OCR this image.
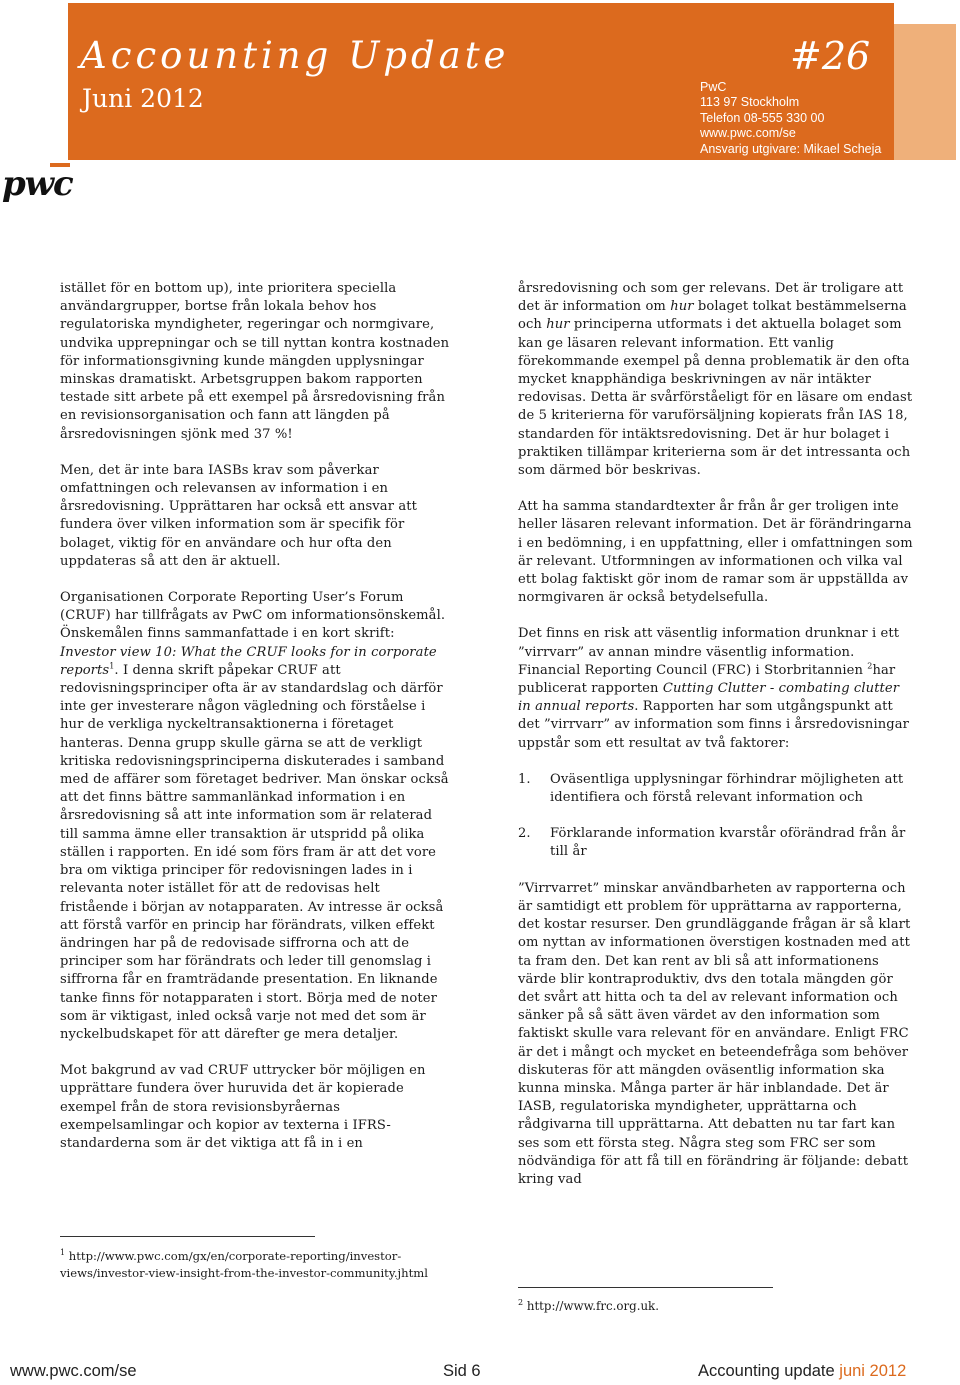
Accounting Update	#26
Juni 2012	PwC
113 97 Stockholm
Telefon 08-555 330 00
www.pwc.com/se
Ansvarig utgivare: Mikael Scheja
pwc

istället för en bottom up), inte prioritera speciella användargrupper, bortse från lokala behov hos regulatoriska myndigheter, regeringar och normgivare, undvika upprepningar och se till nyttan kontra kostnaden för informationsgivning kunde mängden upplysningar minskas dramatiskt. Arbetsgruppen bakom rapporten testade sitt arbete på ett exempel på årsredovisning från en revisionsorganisation och fann att längden på årsredovisningen sjönk med 37 %!

Men, det är inte bara IASBs krav som påverkar omfattningen och relevansen av information i en årsredovisning. Upprättaren har också ett ansvar att fundera över vilken information som är specifik för bolaget, viktig för en användare och hur ofta den uppdateras så att den är aktuell.

Organisationen Corporate Reporting User’s Forum (CRUF) har tillfrågats av PwC om informationsönskemål. Önskemålen finns sammanfattade i en kort skrift: Investor view 10: What the CRUF looks for in corporate reports$^1$. I denna skrift påpekar CRUF att redovisningsprinciper ofta är av standardslag och därför inte ger investerare någon vägledning och förståelse i hur de verkliga nyckeltransaktionerna i företaget hanteras. Denna grupp skulle gärna se att de verkligt kritiska redovisningsprinciperna diskuterades i samband med de affärer som företaget bedriver. Man önskar också att det finns bättre sammanlänkad information i en årsredovisning så att inte information som är relaterad till samma ämne eller transaktion är utspridd på olika ställen i rapporten. En idé som förs fram är att det vore bra om viktiga principer för redovisningen lades in i relevanta noter istället för att de redovisas helt fristående i början av notapparaten. Av intresse är också att förstå varför en princip har förändrats, vilken effekt ändringen har på de redovisade siffrorna och att de principer som har förändrats och leder till genomslag i siffrorna får en framträdande presentation. En liknande tanke finns för notapparaten i stort. Börja med de noter som är viktigast, inled också varje not med det som är nyckelbudskapet för att därefter ge mera detaljer.

Mot bakgrund av vad CRUF uttrycker bör möjligen en upprättare fundera över huruvida det är kopierade exempel från de stora revisionsbyråernas exempelsamlingar och kopior av texterna i IFRS-standarderna som är det viktiga att få in i en

$^1$ http://www.pwc.com/gx/en/corporate-reporting/investor-views/investor-view-insight-from-the-investor-community.jhtml

årsredovisning och som ger relevans. Det är troligare att det är information om hur bolaget tolkat bestämmelserna och hur principerna utformats i det aktuella bolaget som kan ge läsaren relevant information. Ett vanlig förekommande exempel på denna problematik är den ofta mycket knapphändiga beskrivningen av när intäkter redovisas. Detta är svårförståeligt för en läsare om endast de 5 kriterierna för varuförsäljning kopierats från IAS 18, standarden för intäktsredovisning. Det är hur bolaget i praktiken tillämpar kriterierna som är det intressanta och som därmed bör beskrivas.

Att ha samma standardtexter år från år ger troligen inte heller läsaren relevant information. Det är förändringarna i en bedömning, i en uppfattning, eller i omfattningen som är relevant. Utformningen av informationen och vilka val ett bolag faktiskt gör inom de ramar som är uppställda av normgivaren är också betydelsefulla.

Det finns en risk att väsentlig information drunknar i ett ”virrvarr” av annan mindre väsentlig information. Financial Reporting Council (FRC) i Storbritannien $^2$har publicerat rapporten Cutting Clutter - combating clutter in annual reports. Rapporten har som utgångspunkt att det ”virrvarr” av information som finns i årsredovisningar uppstår som ett resultat av två faktorer:

1. Oväsentliga upplysningar förhindrar möjligheten att identifiera och förstå relevant information och
2. Förklarande information kvarstår oförändrad från år till år

”Virrvarret” minskar användbarheten av rapporterna och är samtidigt ett problem för upprättarna av rapporterna, det kostar resurser. Den grundläggande frågan är så klart om nyttan av informationen överstigen kostnaden med att ta fram den. Det kan rent av bli så att informationens värde blir kontraproduktiv, dvs den totala mängden gör det svårt att hitta och ta del av relevant information och sänker på så sätt även värdet av den information som faktiskt skulle vara relevant för en användare. Enligt FRC är det i mångt och mycket en beteendefråga som behöver diskuteras för att mängden oväsentlig information ska kunna minska. Många parter är här inblandade. Det är IASB, regulatoriska myndigheter, upprättarna och rådgivarna till upprättarna. Att debatten nu tar fart kan ses som ett första steg. Några steg som FRC ser som nödvändiga för att få till en förändring är följande: debatt kring vad

$^2$ http://www.frc.org.uk.
www.pwc.com/se	Sid 6	Accounting update juni 2012
